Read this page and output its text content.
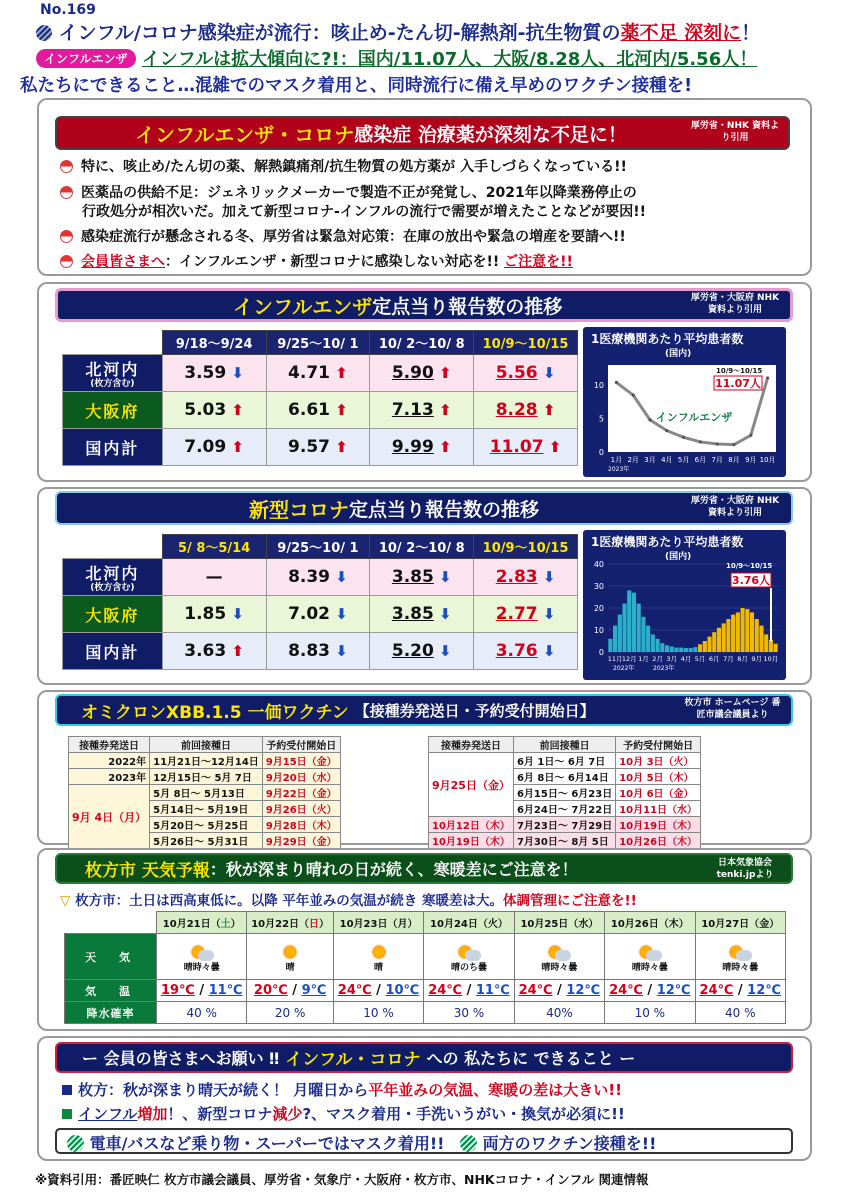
No.169
インフル/コロナ感染症が流行：咳止め-たん切-解熱剤-抗生物質の薬不足 深刻に！
インフルエンザ インフルは拡大傾向に?!：国内/11.07人、大阪/8.28人、北河内/5.56人！
私たちにできること…混雑でのマスク着用と、同時流行に備え早めのワクチン接種を!
インフルエンザ・コロナ 感染症 治療薬が深刻な不足に！	厚労省・NHK 資料より引用
特に、咳止め/たん切の薬、解熱鎮痛剤/抗生物質の処方薬が 入手しづらくなっている!!
医薬品の供給不足：ジェネリックメーカーで製造不正が発覚し、2021年以降業務停止の
行政処分が相次いだ。加えて新型コロナ-インフルの流行で需要が増えたことなどが要因!!
感染症流行が懸念される冬、厚労省は緊急対応策：在庫の放出や緊急の増産を要請へ!!
会員皆さまへ：インフルエンザ・新型コロナに感染しない対応を!! ご注意を!!
インフルエンザ 定点当り報告数の推移	厚労省・大阪府 NHK 資料より引用
	9/18～9/24	9/25～10/ 1	10/ 2～10/ 8	10/9～10/15

北河内
(枚方含む)	3.59 ⬇	4.71 ⬆	5.90 ⬆	5.56 ⬇

大阪府	5.03 ⬆	6.61 ⬆	7.13 ⬆	8.28 ⬆

国内計	7.09 ⬆	9.57 ⬆	9.99 ⬆	11.07 ⬆
1医療機関あたり平均患者数
(国内)
0
5
10
1月 2月 3月 4月 5月 6月 7月 8月 9月 10月
2023年
10/9～10/15
11.07人
インフルエンザ
新型コロナ 定点当り報告数の推移	厚労省・大阪府 NHK 資料より引用
	5/ 8～5/14	9/25～10/ 1	10/ 2～10/ 8	10/9～10/15

北河内
(枚方含む)	—	8.39 ⬇	3.85 ⬇	2.83 ⬇

大阪府	1.85 ⬇	7.02 ⬇	3.85 ⬇	2.77 ⬇

国内計	3.63 ⬆	8.83 ⬇	5.20 ⬇	3.76 ⬇
1医療機関あたり平均患者数
(国内)
0
10
20
30
40
11月 12月 1月 2月 3月 4月 5月 6月 7月 8月 9月 10月
2022年	2023年
10/9～10/15
3.76人
オミクロンXBB.1.5 一価ワクチン 【接種券発送日・予約受付開始日】	枚方市 ホームページ 番匠市議会議員より
接種券発送日	前回接種日	予約受付開始日
2022年	11月21日～12月14日	9月15日（金）
2023年	12月15日～ 5月 7日	9月20日（水）
9月 4日（月）	5月 8日～ 5月13日	9月22日（金）
	5月14日～ 5月19日	9月26日（火）
	5月20日～ 5月25日	9月28日（木）
	5月26日～ 5月31日	9月29日（金）
接種券発送日	前回接種日	予約受付開始日
9月25日（金）	6月 1日～ 6月 7日	10月 3日（火）
	6月 8日～ 6月14日	10月 5日（木）
	6月15日～ 6月23日	10月 6日（金）
	6月24日～ 7月22日	10月11日（水）
10月12日（木）	7月23日～ 7月29日	10月19日（木）
10月19日（木）	7月30日～ 8月 5日	10月26日（木）
枚方市 天気予報 ：秋が深まり晴れの日が続く、寒暖差にご注意を！	日本気象協会 tenki.jpより
▽ 枚方市：土日は西高東低に。以降 平年並みの気温が続き 寒暖差は大。体調管理にご注意を!!
	10月21日（土）	10月22日（日）	10月23日（月）	10月24日（火）	10月25日（水）	10月26日（木）	10月27日（金）
天　気	晴時々曇	晴	晴	晴のち曇	晴時々曇	晴時々曇	晴時々曇

気　温	19℃ / 11℃	20℃ / 9℃	24℃ / 10℃	24℃ / 11℃	24℃ / 12℃	24℃ / 12℃	24℃ / 12℃
降水確率	40 %	20 %	10 %	30 %	40%	10 %	40 %
ー 会員の皆さまへお願い ‼ インフル・コロナ への 私たちに できること ー
枚方：秋が深まり晴天が続く！ 月曜日から平年並みの気温、寒暖の差は大きい!!
インフル増加！、新型コロナ減少?、マスク着用・手洗いうがい・換気が必須に!!
電車/バスなど乗り物・スーパーではマスク着用!! 両方のワクチン接種を!!
※資料引用：番匠映仁 枚方市議会議員、厚労省・気象庁・大阪府・枚方市、NHKコロナ・インフル 関連情報
